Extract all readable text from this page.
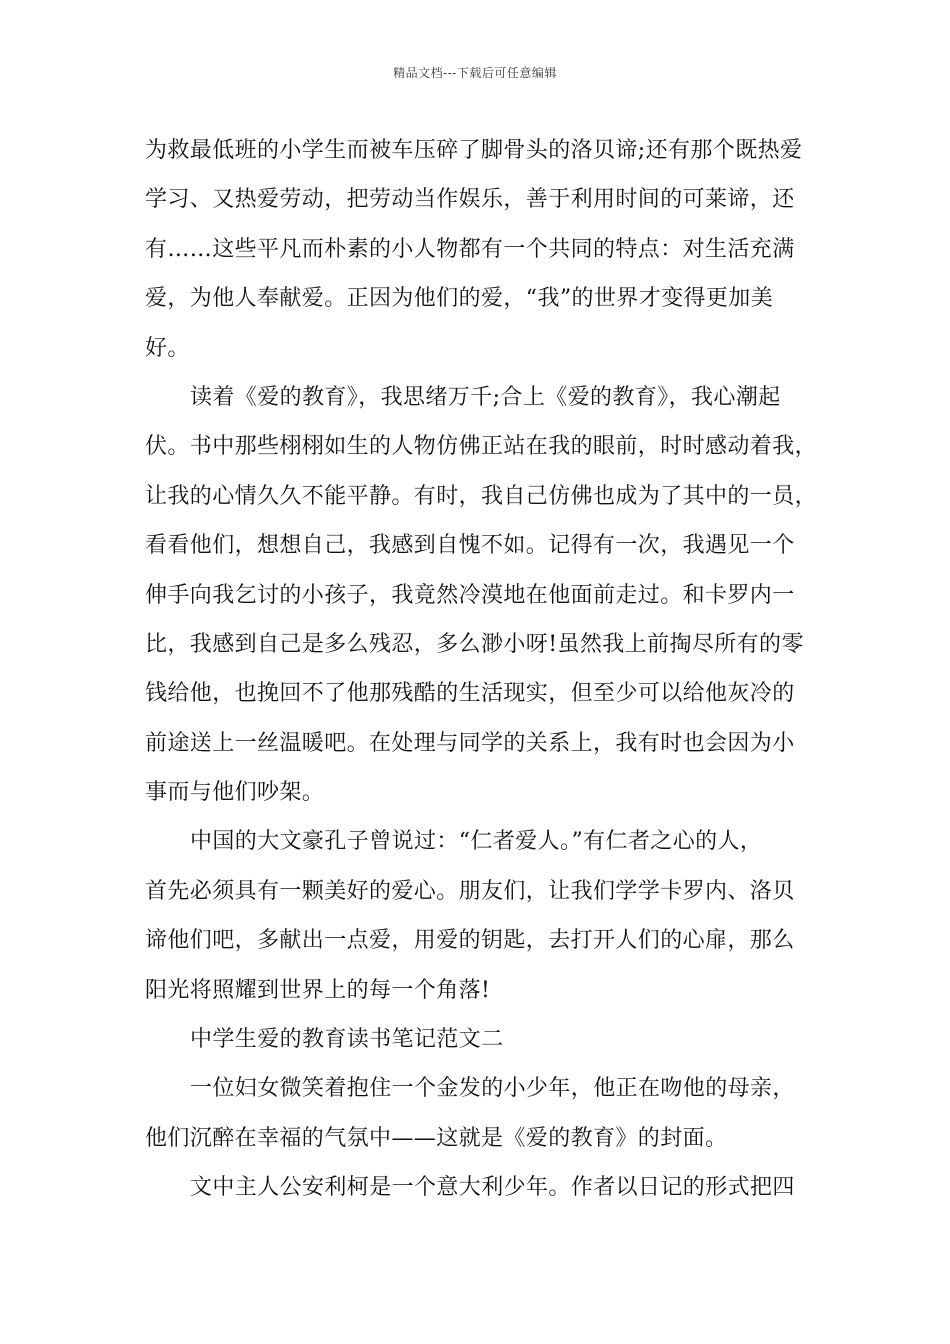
精品文档---下载后可任意编辑
为救最低班的小学生而被车压碎了脚骨头的洛贝谛;还有那个既热爱
学习、又热爱劳动，把劳动当作娱乐，善于利用时间的可莱谛，还
有……这些平凡而朴素的小人物都有一个共同的特点：对生活充满
爱，为他人奉献爱。正因为他们的爱，“我”的世界才变得更加美
好。
读着《爱的教育》，我思绪万千;合上《爱的教育》，我心潮起
伏。书中那些栩栩如生的人物仿佛正站在我的眼前，时时感动着我，
让我的心情久久不能平静。有时，我自己仿佛也成为了其中的一员，
看看他们，想想自己，我感到自愧不如。记得有一次，我遇见一个
伸手向我乞讨的小孩子，我竟然冷漠地在他面前走过。和卡罗内一
比，我感到自己是多么残忍，多么渺小呀!虽然我上前掏尽所有的零
钱给他，也挽回不了他那残酷的生活现实，但至少可以给他灰冷的
前途送上一丝温暖吧。在处理与同学的关系上，我有时也会因为小
事而与他们吵架。
中国的大文豪孔子曾说过：“仁者爱人。”有仁者之心的人，
首先必须具有一颗美好的爱心。朋友们，让我们学学卡罗内、洛贝
谛他们吧，多献出一点爱，用爱的钥匙，去打开人们的心扉，那么
阳光将照耀到世界上的每一个角落!
中学生爱的教育读书笔记范文二
一位妇女微笑着抱住一个金发的小少年，他正在吻他的母亲，
他们沉醉在幸福的气氛中——这就是《爱的教育》的封面。
文中主人公安利柯是一个意大利少年。作者以日记的形式把四
